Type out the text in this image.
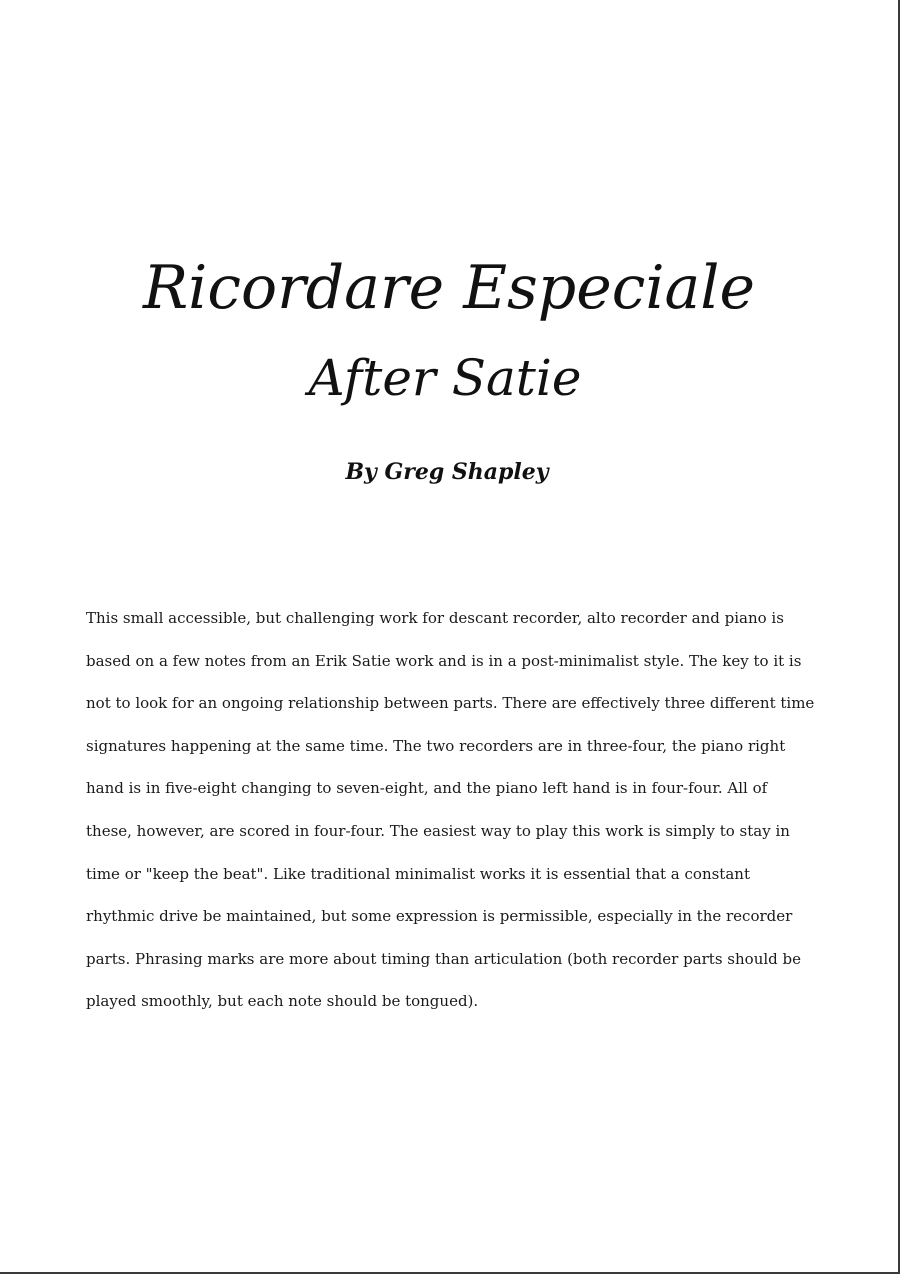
Ricordare Especiale
After Satie

By Greg Shapley

This small accessible, but challenging work for descant recorder, alto recorder and piano is based on a few notes from an Erik Satie work and is in a post-minimalist style. The key to it is not to look for an ongoing relationship between parts. There are effectively three different time signatures happening at the same time. The two recorders are in three-four, the piano right hand is in five-eight changing to seven-eight, and the piano left hand is in four-four. All of these, however, are scored in four-four. The easiest way to play this work is simply to stay in time or "keep the beat". Like traditional minimalist works it is essential that a constant rhythmic drive be maintained, but some expression is permissible, especially in the recorder parts. Phrasing marks are more about timing than articulation (both recorder parts should be played smoothly, but each note should be tongued).
